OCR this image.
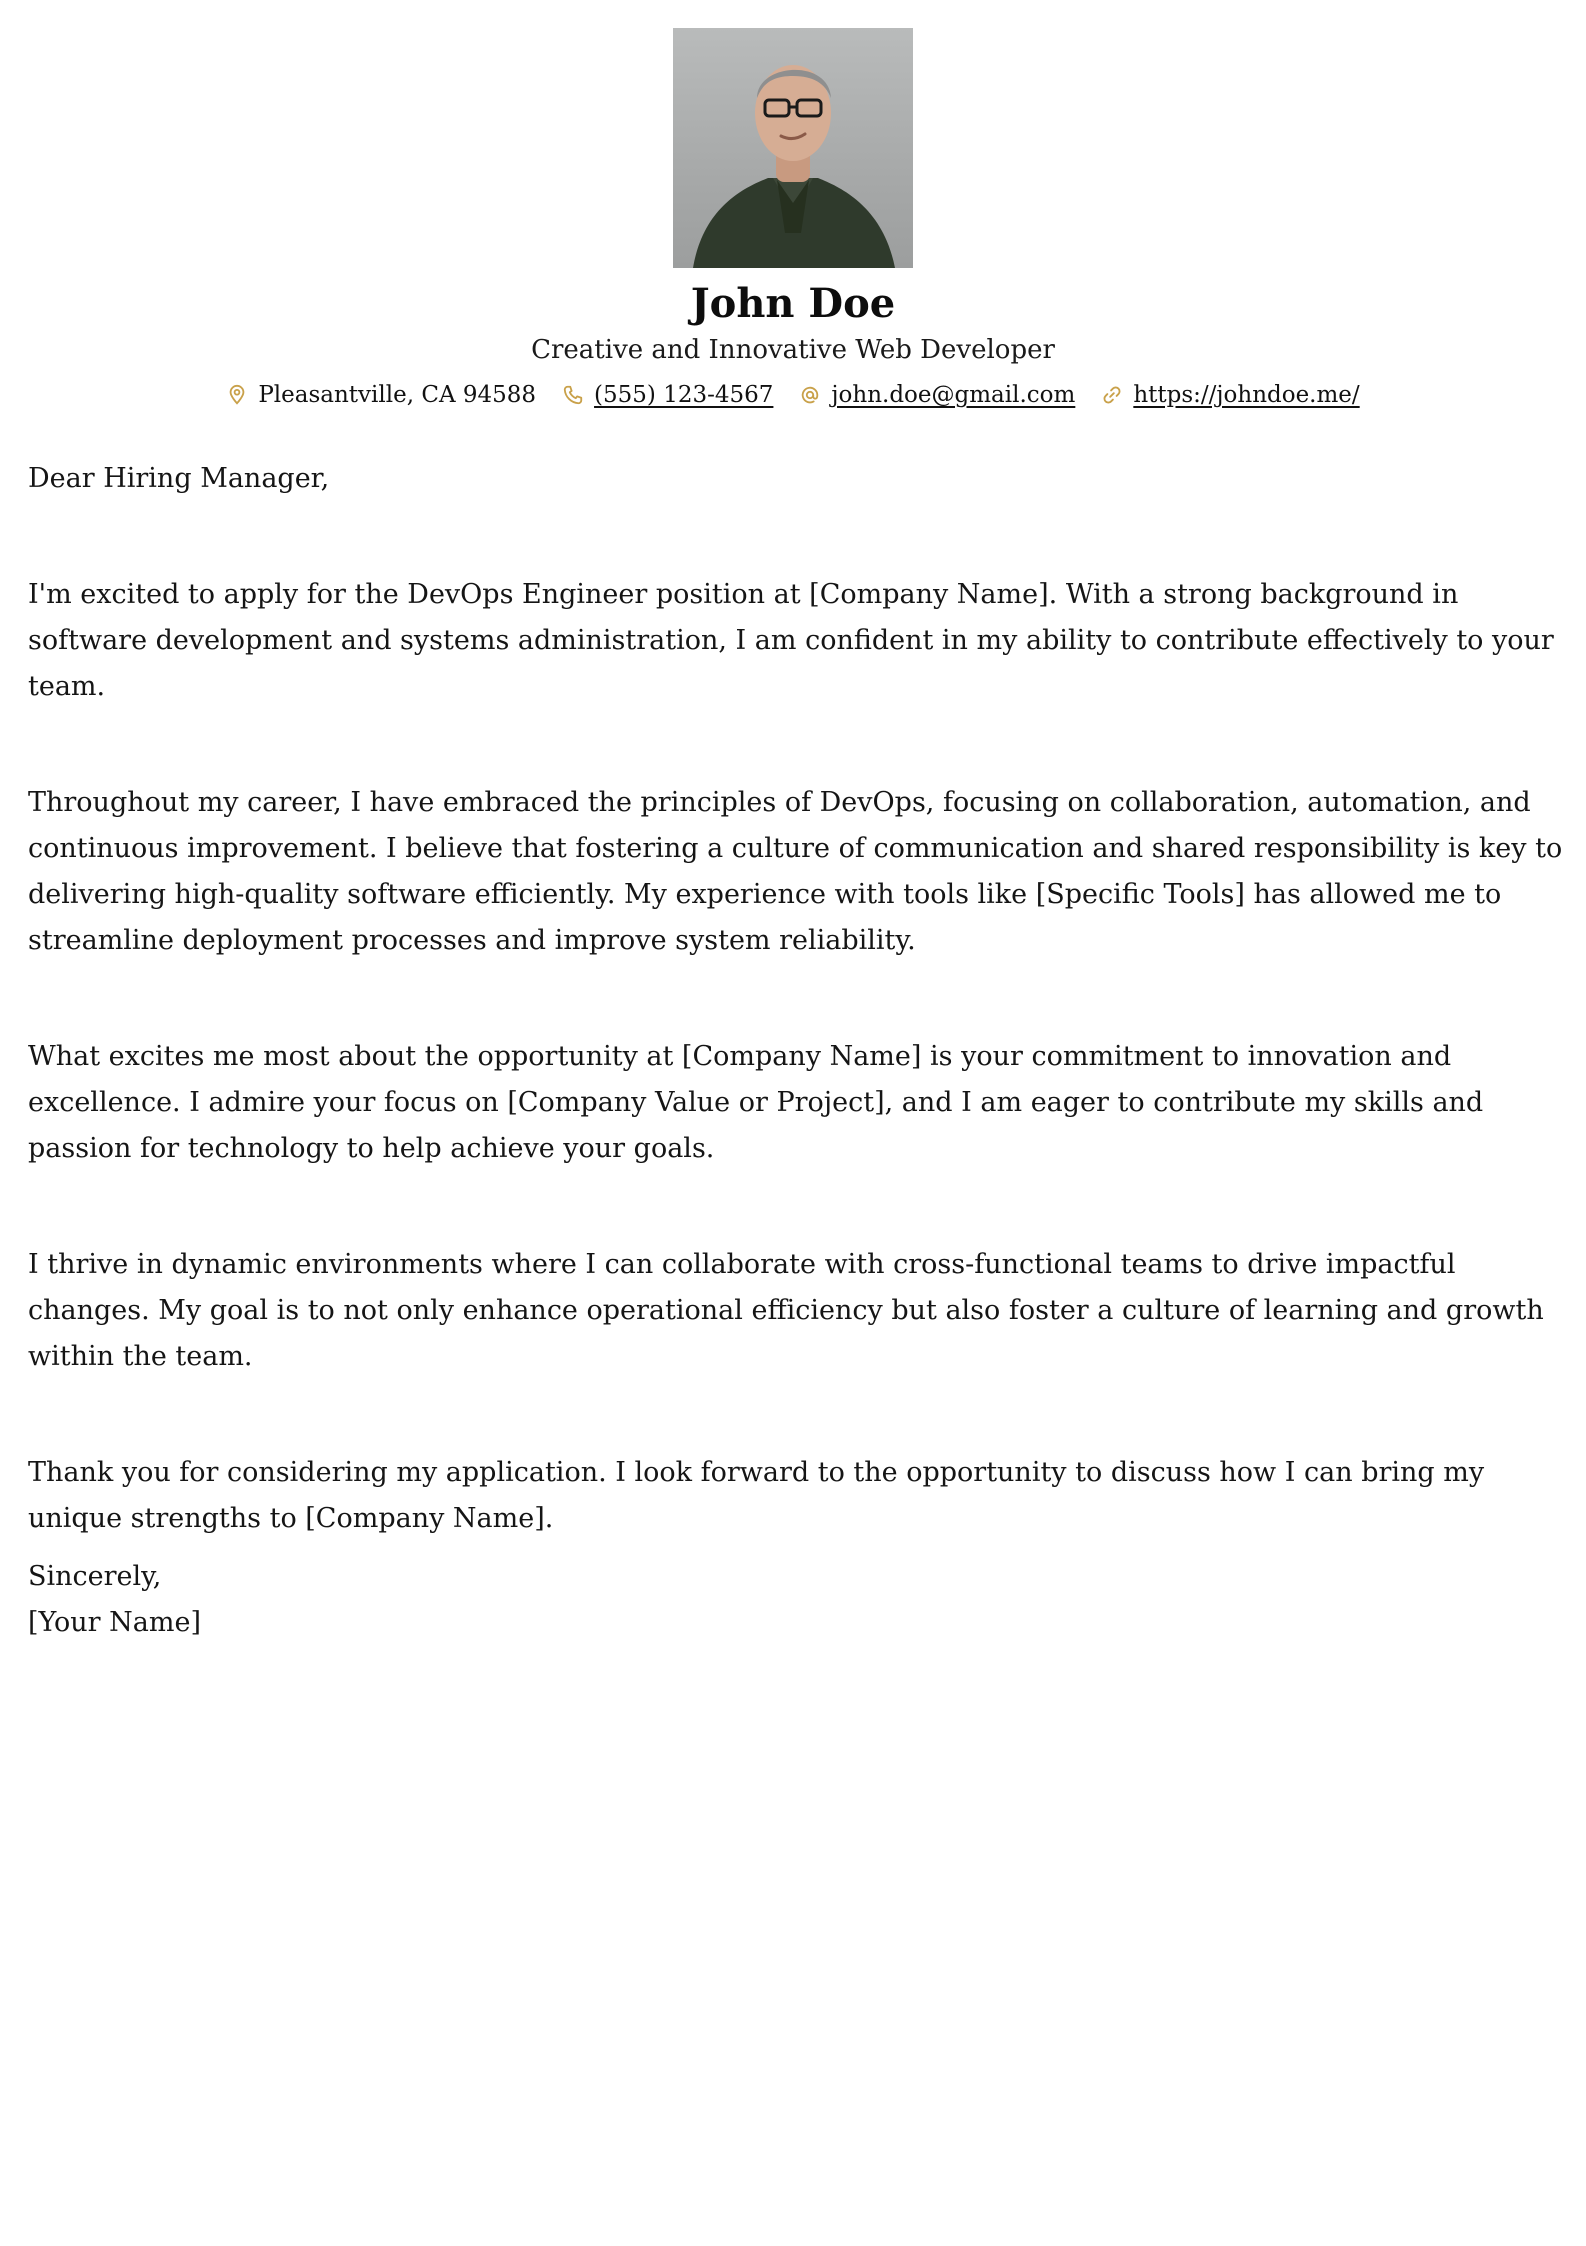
John Doe
Creative and Innovative Web Developer
Pleasantville, CA 94588	(555) 123-4567	john.doe@gmail.com	https://johndoe.me/

Dear Hiring Manager,

I'm excited to apply for the DevOps Engineer position at [Company Name]. With a strong background in software development and systems administration, I am confident in my ability to contribute effectively to your team.

Throughout my career, I have embraced the principles of DevOps, focusing on collaboration, automation, and continuous improvement. I believe that fostering a culture of communication and shared responsibility is key to delivering high-quality software efficiently. My experience with tools like [Specific Tools] has allowed me to streamline deployment processes and improve system reliability.

What excites me most about the opportunity at [Company Name] is your commitment to innovation and excellence. I admire your focus on [Company Value or Project], and I am eager to contribute my skills and passion for technology to help achieve your goals.

I thrive in dynamic environments where I can collaborate with cross-functional teams to drive impactful changes. My goal is to not only enhance operational efficiency but also foster a culture of learning and growth within the team.

Thank you for considering my application. I look forward to the opportunity to discuss how I can bring my unique strengths to [Company Name].

Sincerely,

[Your Name]
